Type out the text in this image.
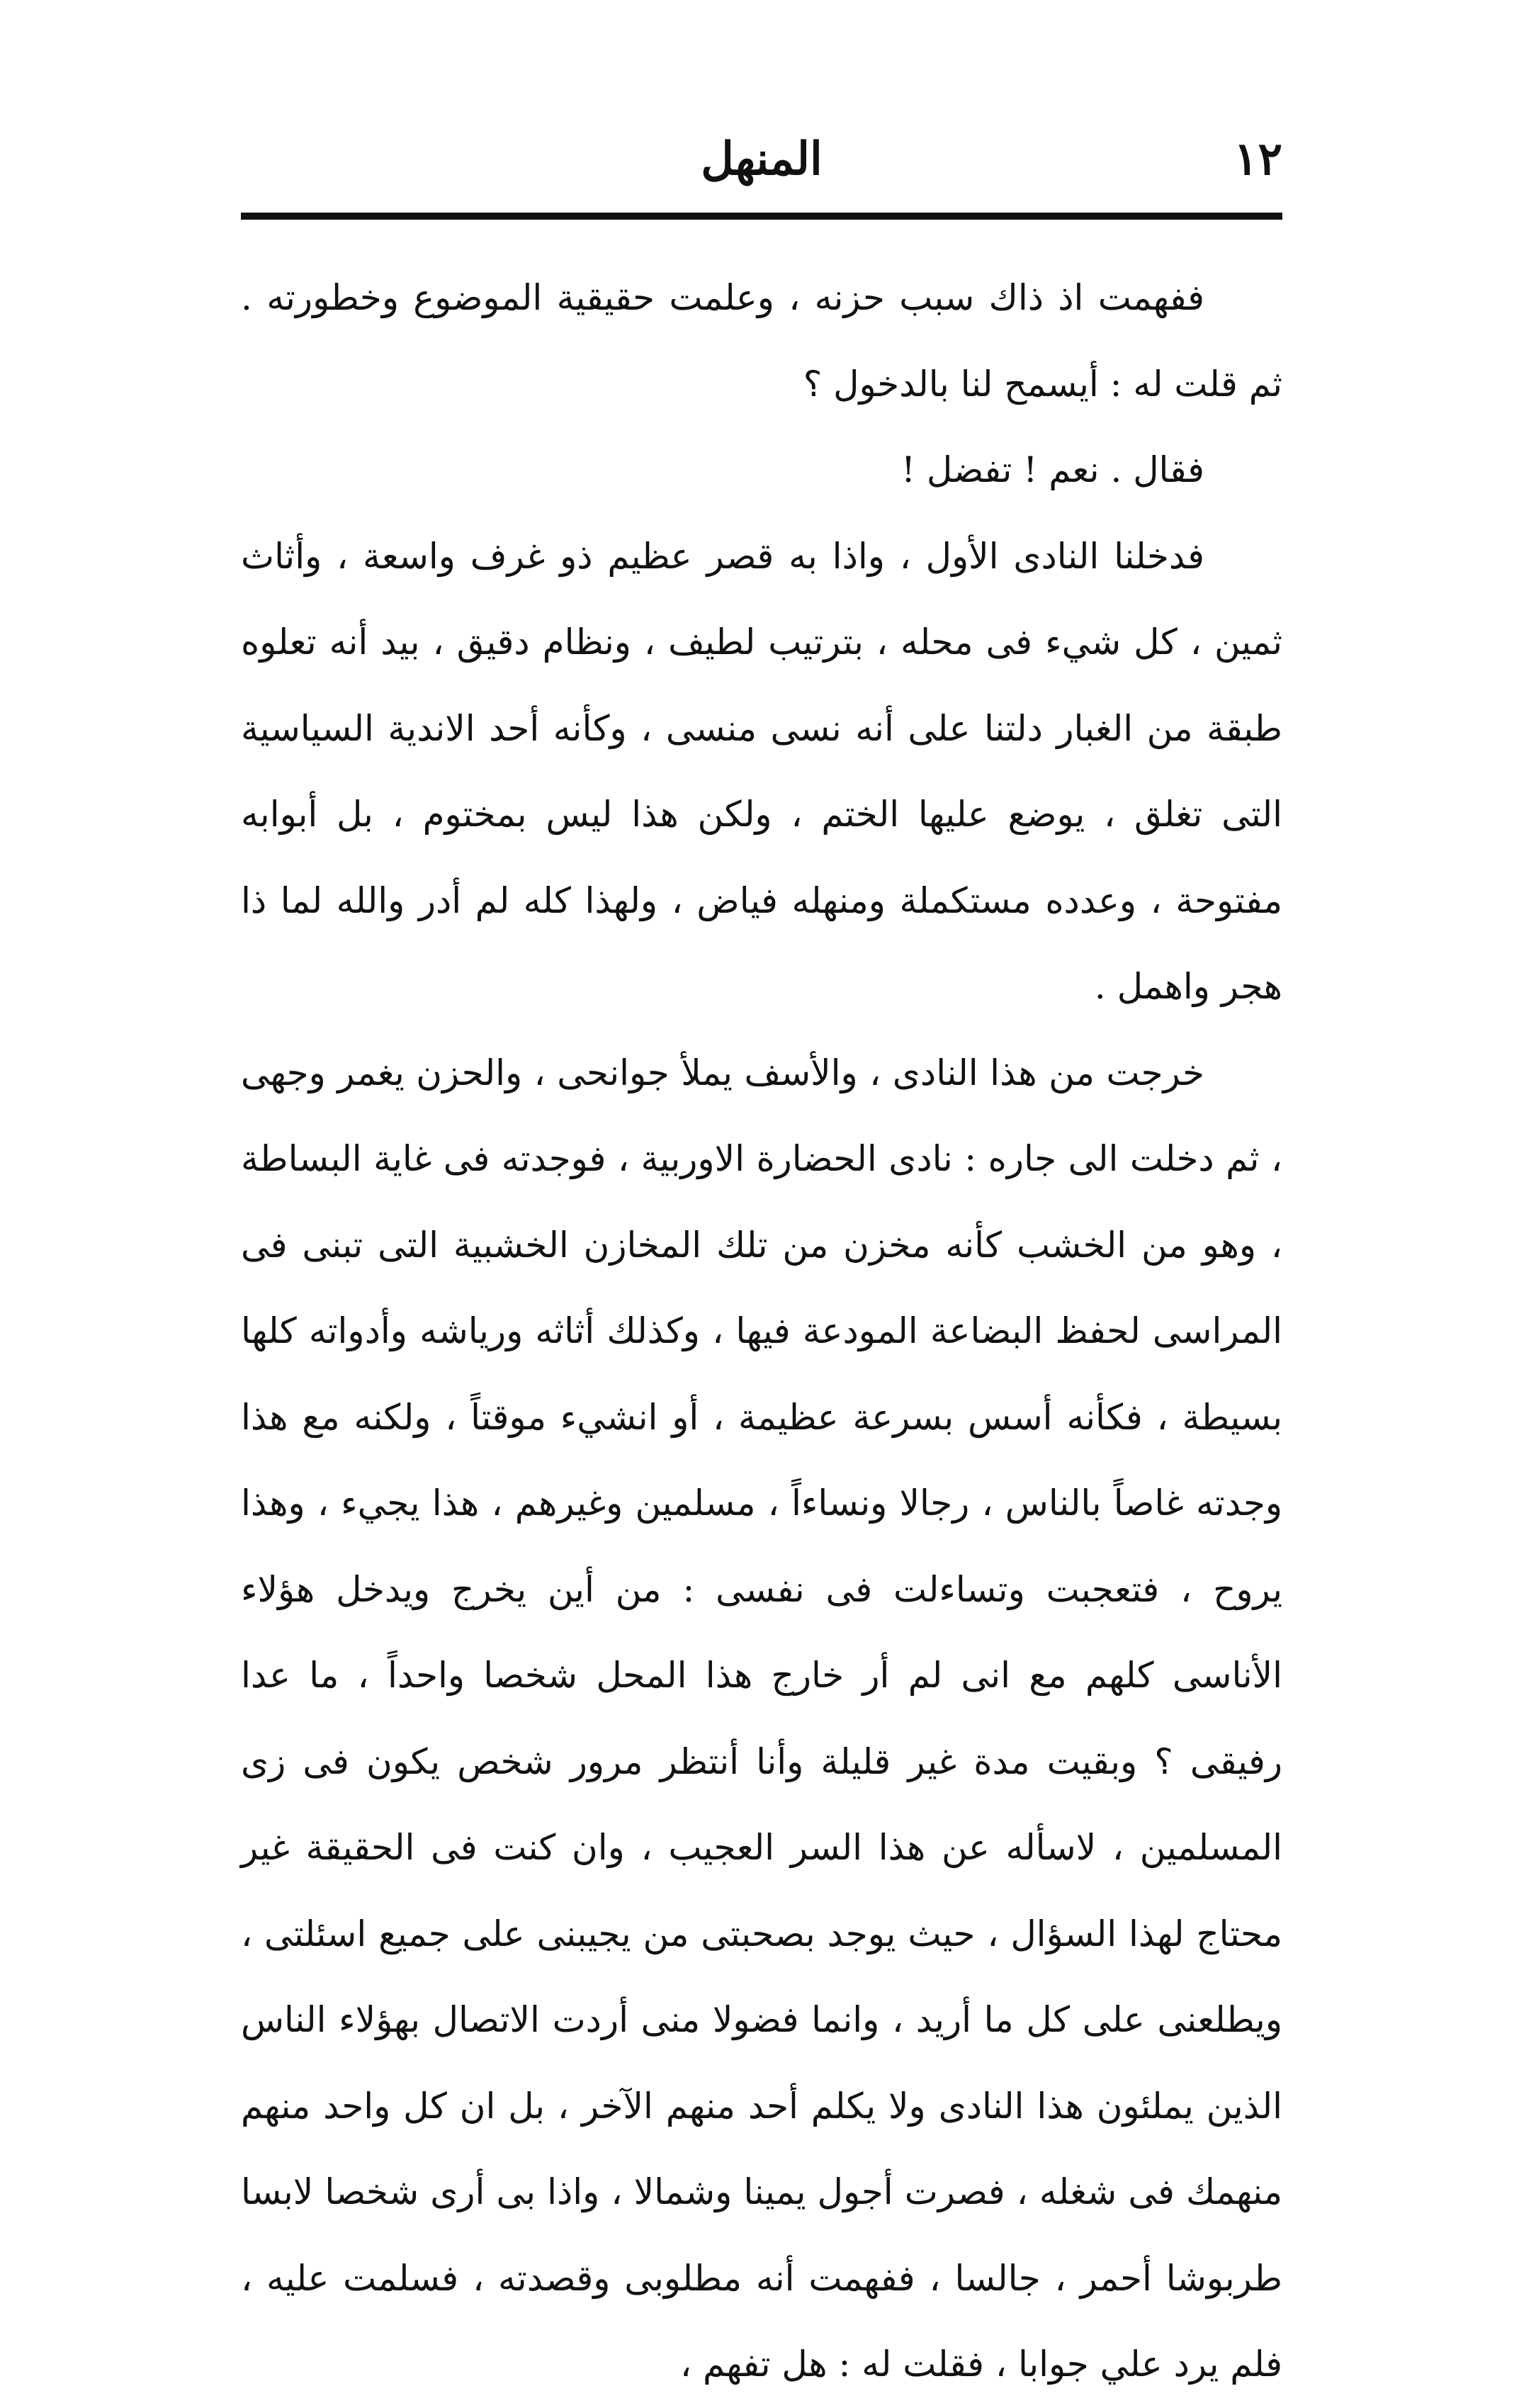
١٢
المنهل

ففهمت اذ ذاك سبب حزنه ، وعلمت حقيقية الموضوع وخطورته . ثم قلت له : أيسمح لنا بالدخول ؟

فقال . نعم ! تفضل !

فدخلنا النادى الأول ، واذا به قصر عظيم ذو غرف واسعة ، وأثاث ثمين ، كل شيء فى محله ، بترتيب لطيف ، ونظام دقيق ، بيد أنه تعلوه طبقة من الغبار دلتنا على أنه نسى منسى ، وكأنه أحد الاندية السياسية التى تغلق ، يوضع عليها الختم ، ولكن هذا ليس بمختوم ، بل أبوابه مفتوحة ، وعدده مستكملة ومنهله فياض ، ولهذا كله لم أدر والله لما ذا هجر واهمل .

خرجت من هذا النادى ، والأسف يملأ جوانحى ، والحزن يغمر وجهى ، ثم دخلت الى جاره : نادى الحضارة الاوربية ، فوجدته فى غاية البساطة ، وهو من الخشب كأنه مخزن من تلك المخازن الخشبية التى تبنى فى المراسى لحفظ البضاعة المودعة فيها ، وكذلك أثاثه ورياشه وأدواته كلها بسيطة ، فكأنه أسس بسرعة عظيمة ، أو انشيء موقتاً ، ولكنه مع هذا وجدته غاصاً بالناس ، رجالا ونساءاً ، مسلمين وغيرهم ، هذا يجيء ، وهذا يروح ، فتعجبت وتساءلت فى نفسى : من أين يخرج ويدخل هؤلاء الأناسى كلهم مع انى لم أر خارج هذا المحل شخصا واحداً ، ما عدا رفيقى ؟ وبقيت مدة غير قليلة وأنا أنتظر مرور شخص يكون فى زى المسلمين ، لاسأله عن هذا السر العجيب ، وان كنت فى الحقيقة غير محتاج لهذا السؤال ، حيث يوجد بصحبتى من يجيبنى على جميع اسئلتى ، ويطلعنى على كل ما أريد ، وانما فضولا منى أردت الاتصال بهؤلاء الناس الذين يملئون هذا النادى ولا يكلم أحد منهم الآخر ، بل ان كل واحد منهم منهمك فى شغله ، فصرت أجول يمينا وشمالا ، واذا بى أرى شخصا لابسا طربوشا أحمر ، جالسا ، ففهمت أنه مطلوبى وقصدته ، فسلمت عليه ، فلم يرد علي جوابا ، فقلت له : هل تفهم ،
